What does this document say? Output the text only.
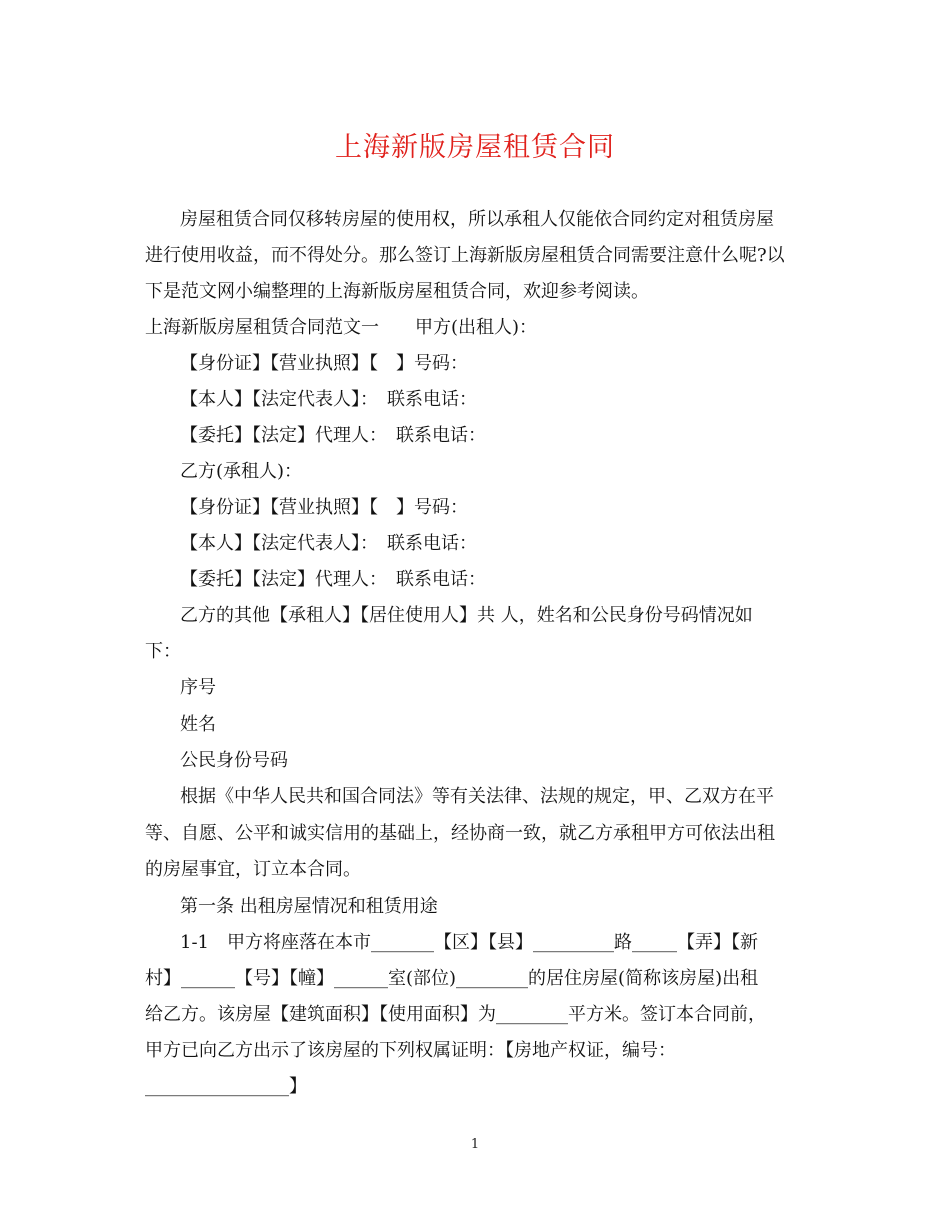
上海新版房屋租赁合同

房屋租赁合同仅移转房屋的使用权，所以承租人仅能依合同约定对租赁房屋

进行使用收益，而不得处分。那么签订上海新版房屋租赁合同需要注意什么呢?以

下是范文网小编整理的上海新版房屋租赁合同，欢迎参考阅读。

上海新版房屋租赁合同范文一　　甲方(出租人)：

【身份证】【营业执照】【　】号码：

【本人】【法定代表人】：　联系电话：

【委托】【法定】代理人：　联系电话：

乙方(承租人)：

【身份证】【营业执照】【　】号码：

【本人】【法定代表人】：　联系电话：

【委托】【法定】代理人：　联系电话：

乙方的其他【承租人】【居住使用人】共 人，姓名和公民身份号码情况如

下：

序号

姓名

公民身份号码

根据《中华人民共和国合同法》等有关法律、法规的规定，甲、乙双方在平

等、自愿、公平和诚实信用的基础上，经协商一致，就乙方承租甲方可依法出租

的房屋事宜，订立本合同。

第一条 出租房屋情况和租赁用途

1-1　甲方将座落在本市_______【区】【县】_________路_____【弄】【新

村】______【号】【幢】______室(部位)________的居住房屋(简称该房屋)出租

给乙方。该房屋【建筑面积】【使用面积】为________平方米。签订本合同前，

甲方已向乙方出示了该房屋的下列权属证明：【房地产权证，编号：

________________】

1
